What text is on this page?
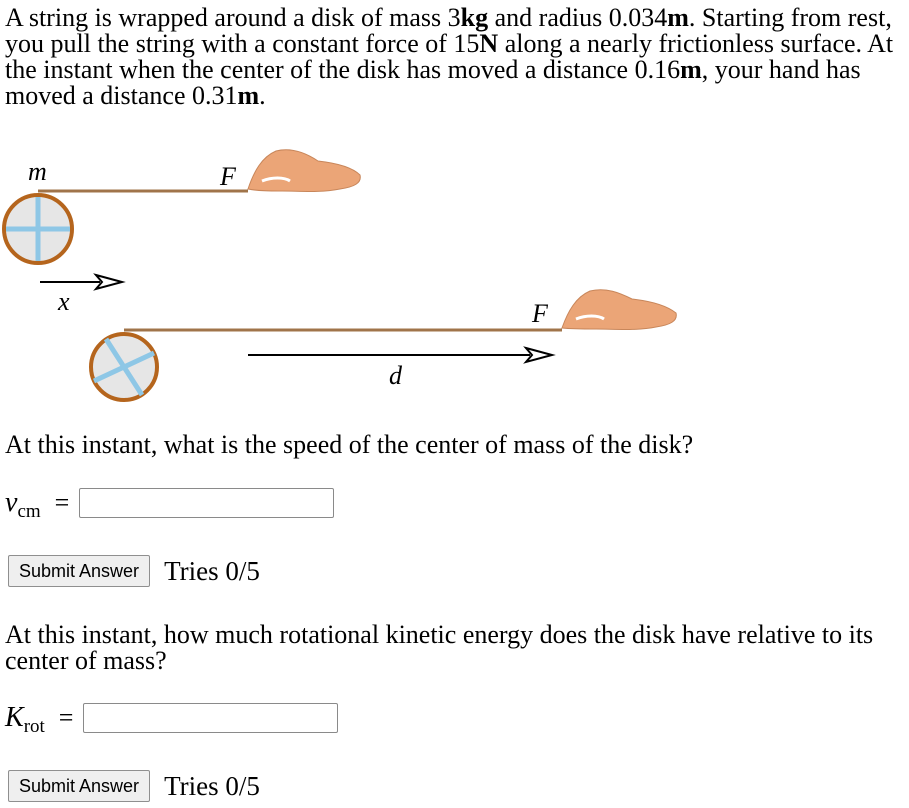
A string is wrapped around a disk of mass 3kg and radius 0.034m. Starting from rest, you pull the string with a constant force of 15N along a nearly frictionless surface. At the instant when the center of the disk has moved a distance 0.16m, your hand has moved a distance 0.31m.
m	F
x	F
d
At this instant, what is the speed of the center of mass of the disk?
$v_{cm}$ =
Submit Answer Tries 0/5
At this instant, how much rotational kinetic energy does the disk have relative to its center of mass?
$K_{rot}$ =
Submit Answer Tries 0/5
